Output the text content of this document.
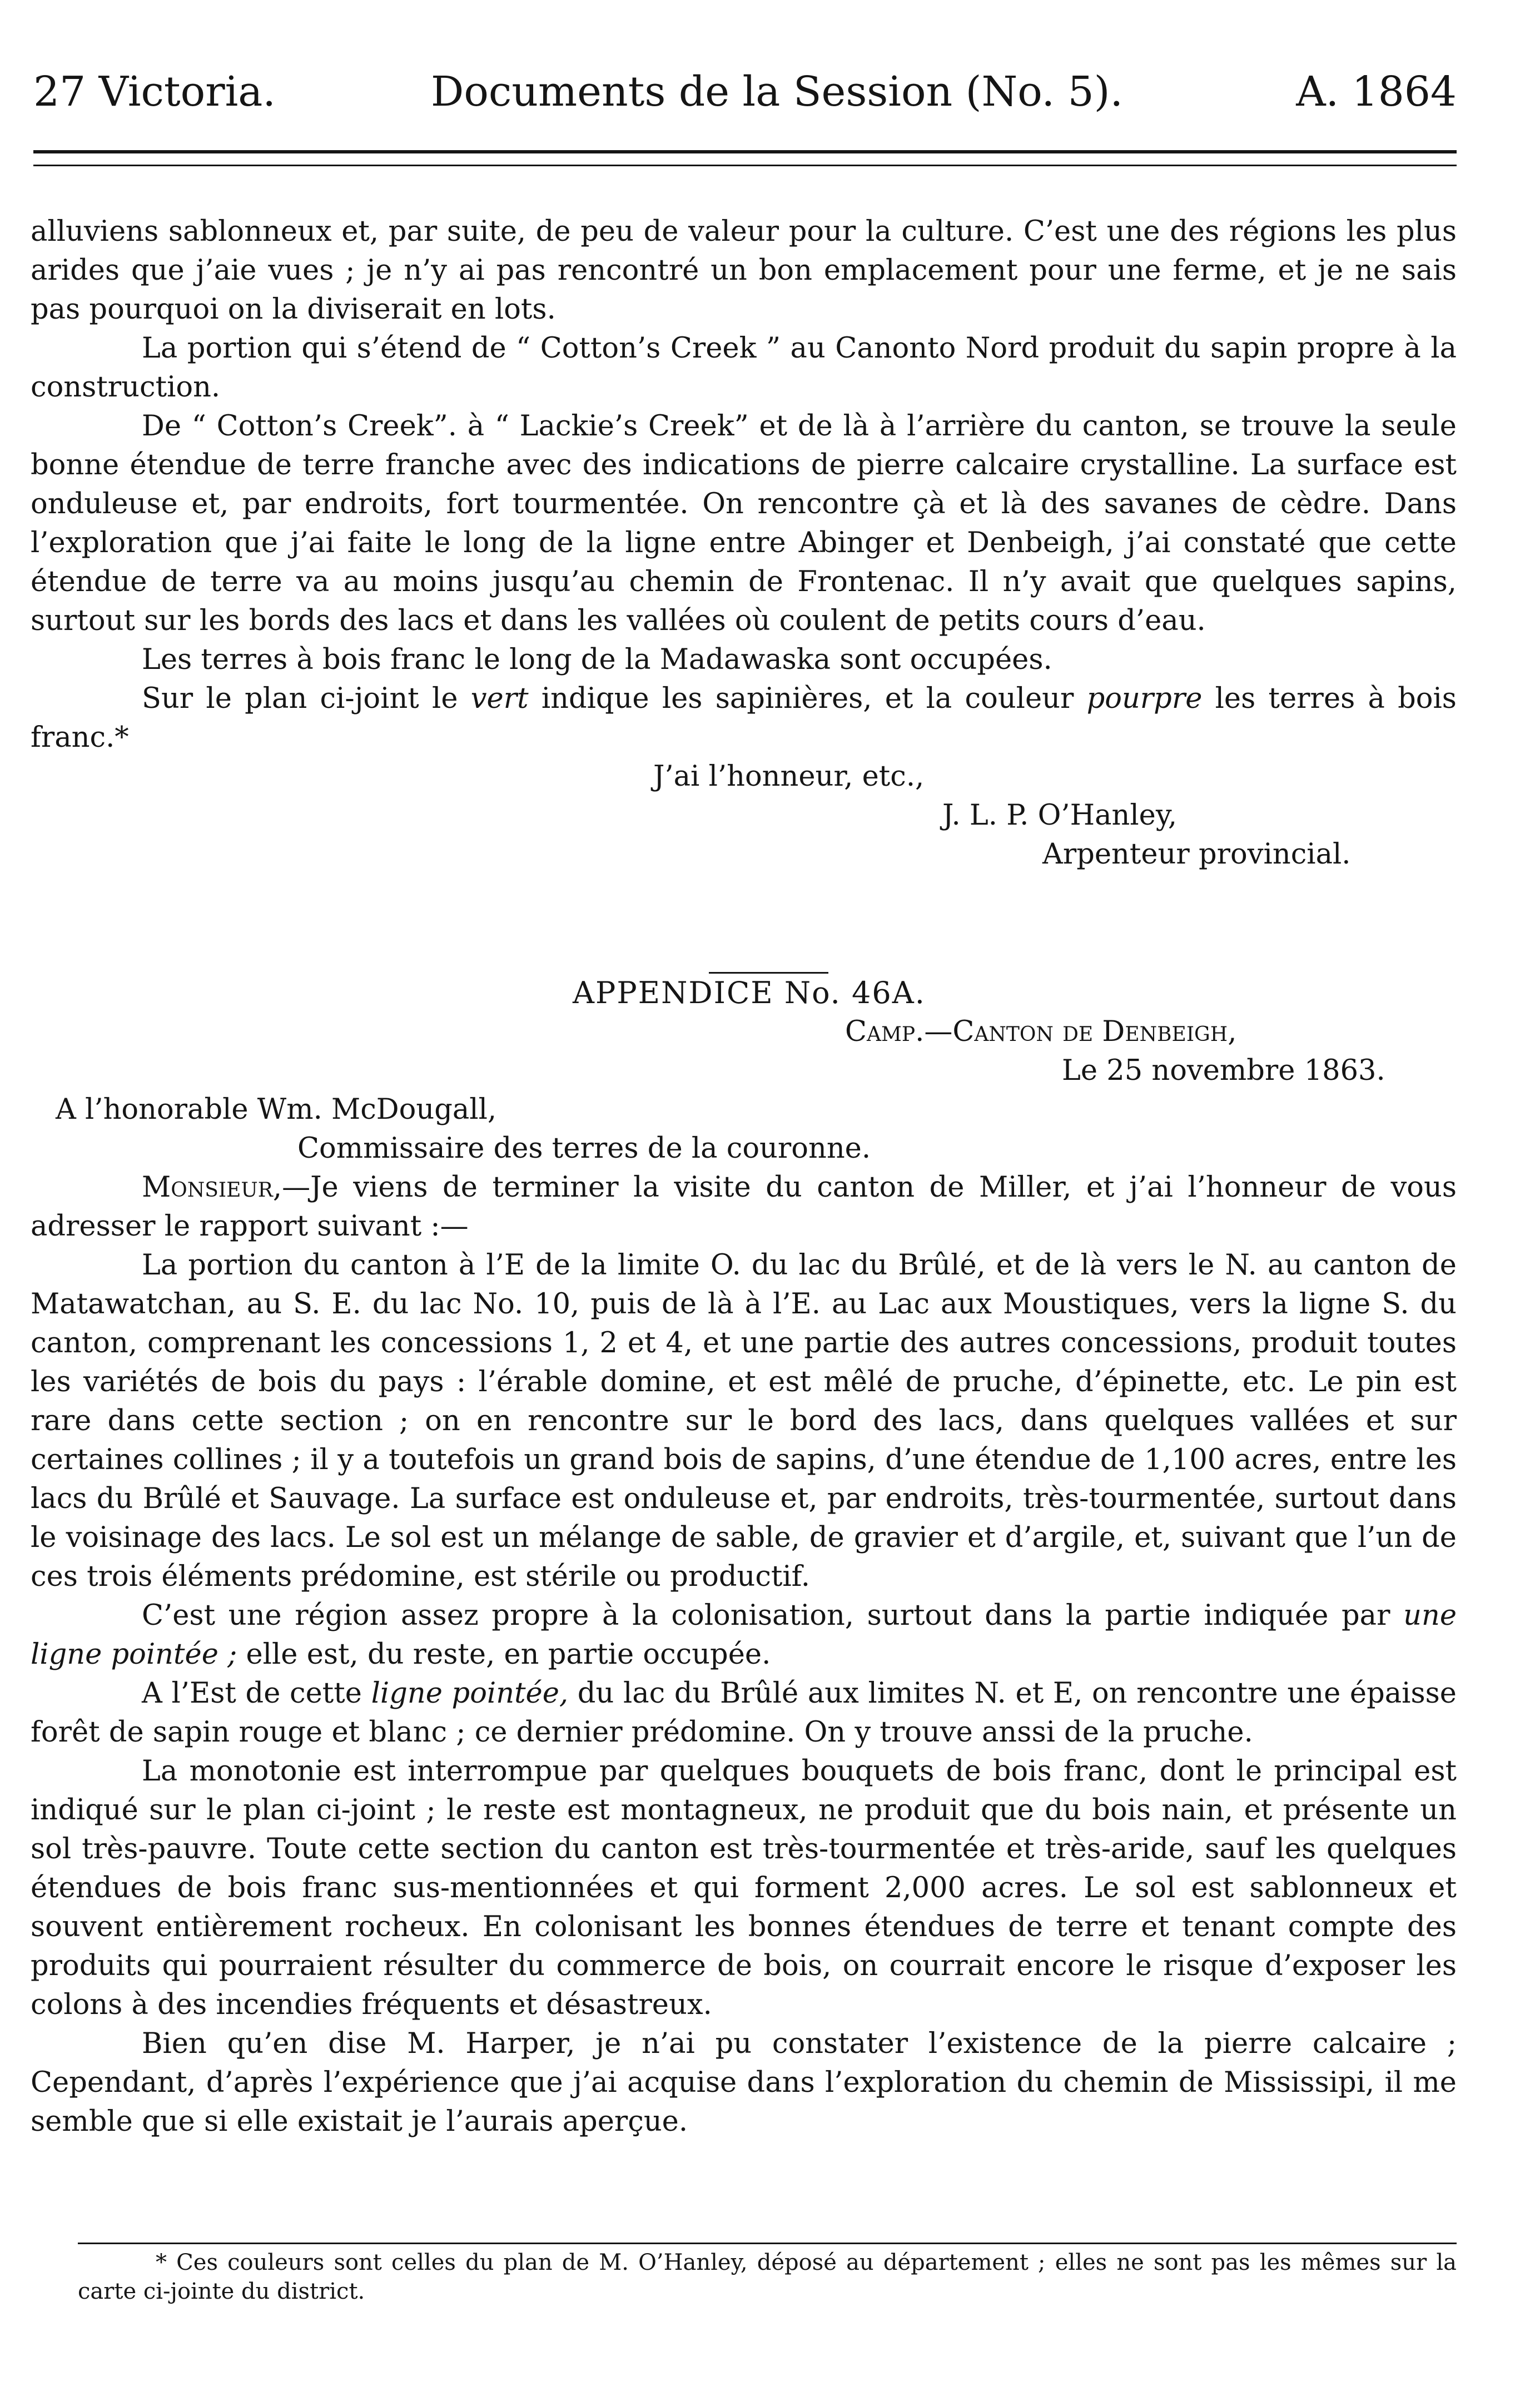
27 Victoria.	Documents de la Session (No. 5).	A. 1864

alluviens sablonneux et, par suite, de peu de valeur pour la culture. C’est une des régions les plus arides que j’aie vues ; je n’y ai pas rencontré un bon emplacement pour une ferme, et je ne sais pas pourquoi on la diviserait en lots.

La portion qui s’étend de “ Cotton’s Creek ” au Canonto Nord produit du sapin propre à la construction.

De “ Cotton’s Creek”. à “ Lackie’s Creek” et de là à l’arrière du canton, se trouve la seule bonne étendue de terre franche avec des indications de pierre calcaire crystalline. La surface est onduleuse et, par endroits, fort tourmentée. On rencontre çà et là des savanes de cèdre. Dans l’exploration que j’ai faite le long de la ligne entre Abinger et Denbeigh, j’ai constaté que cette étendue de terre va au moins jusqu’au chemin de Frontenac. Il n’y avait que quelques sapins, surtout sur les bords des lacs et dans les vallées où coulent de petits cours d’eau.

Les terres à bois franc le long de la Madawaska sont occupées.

Sur le plan ci-joint le vert indique les sapinières, et la couleur pourpre les terres à bois franc.*

J’ai l’honneur, etc.,

J. L. P. O’Hanley,

Arpenteur provincial.

APPENDICE No. 46A.

Camp.—Canton de Denbeigh,

Le 25 novembre 1863.

A l’honorable Wm. McDougall,

Commissaire des terres de la couronne.

Monsieur,—Je viens de terminer la visite du canton de Miller, et j’ai l’honneur de vous adresser le rapport suivant :—

La portion du canton à l’E de la limite O. du lac du Brûlé, et de là vers le N. au canton de Matawatchan, au S. E. du lac No. 10, puis de là à l’E. au Lac aux Moustiques, vers la ligne S. du canton, comprenant les concessions 1, 2 et 4, et une partie des autres concessions, produit toutes les variétés de bois du pays : l’érable domine, et est mêlé de pruche, d’épinette, etc. Le pin est rare dans cette section ; on en rencontre sur le bord des lacs, dans quelques vallées et sur certaines collines ; il y a toutefois un grand bois de sapins, d’une étendue de 1,100 acres, entre les lacs du Brûlé et Sauvage. La surface est onduleuse et, par endroits, très-tourmentée, surtout dans le voisinage des lacs. Le sol est un mélange de sable, de gravier et d’argile, et, suivant que l’un de ces trois éléments prédomine, est stérile ou productif.

C’est une région assez propre à la colonisation, surtout dans la partie indiquée par une ligne pointée ; elle est, du reste, en partie occupée.

A l’Est de cette ligne pointée, du lac du Brûlé aux limites N. et E, on rencontre une épaisse forêt de sapin rouge et blanc ; ce dernier prédomine. On y trouve anssi de la pruche.

La monotonie est interrompue par quelques bouquets de bois franc, dont le principal est indiqué sur le plan ci-joint ; le reste est montagneux, ne produit que du bois nain, et présente un sol très-pauvre. Toute cette section du canton est très-tourmentée et très-aride, sauf les quelques étendues de bois franc sus-mentionnées et qui forment 2,000 acres. Le sol est sablonneux et souvent entièrement rocheux. En colonisant les bonnes étendues de terre et tenant compte des produits qui pourraient résulter du commerce de bois, on courrait encore le risque d’exposer les colons à des incendies fréquents et désastreux.

Bien qu’en dise M. Harper, je n’ai pu constater l’existence de la pierre calcaire ; Cependant, d’après l’expérience que j’ai acquise dans l’exploration du chemin de Mississipi, il me semble que si elle existait je l’aurais aperçue.

* Ces couleurs sont celles du plan de M. O’Hanley, déposé au département ; elles ne sont pas les mêmes sur la carte ci-jointe du district.
